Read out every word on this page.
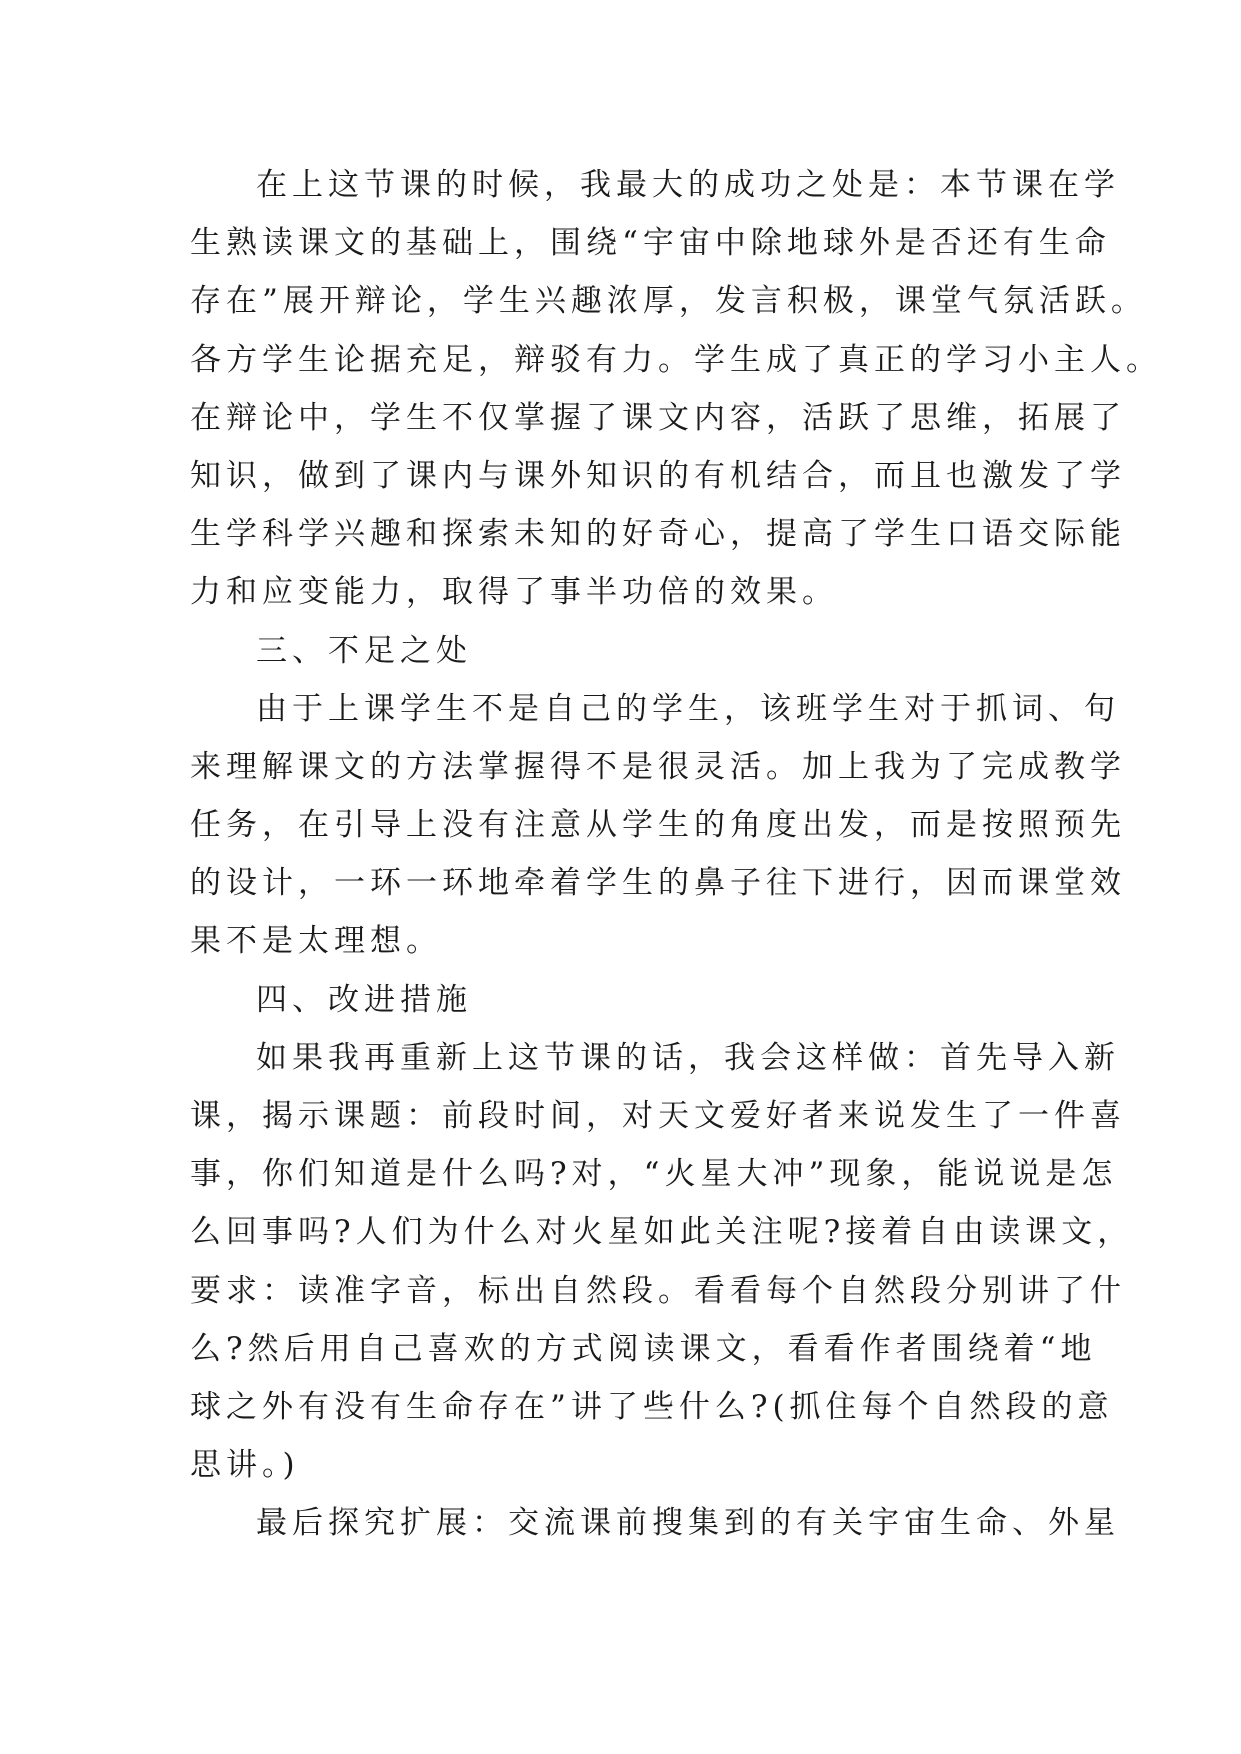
在上这节课的时候，我最大的成功之处是：本节课在学
生熟读课文的基础上，围绕“宇宙中除地球外是否还有生命
存在”展开辩论，学生兴趣浓厚，发言积极，课堂气氛活跃。
各方学生论据充足，辩驳有力。学生成了真正的学习小主人。
在辩论中，学生不仅掌握了课文内容，活跃了思维，拓展了
知识，做到了课内与课外知识的有机结合，而且也激发了学
生学科学兴趣和探索未知的好奇心，提高了学生口语交际能
力和应变能力，取得了事半功倍的效果。
三、不足之处
由于上课学生不是自己的学生，该班学生对于抓词、句
来理解课文的方法掌握得不是很灵活。加上我为了完成教学
任务，在引导上没有注意从学生的角度出发，而是按照预先
的设计，一环一环地牵着学生的鼻子往下进行，因而课堂效
果不是太理想。
四、改进措施
如果我再重新上这节课的话，我会这样做：首先导入新
课，揭示课题：前段时间，对天文爱好者来说发生了一件喜
事，你们知道是什么吗?对，“火星大冲”现象，能说说是怎
么回事吗?人们为什么对火星如此关注呢?接着自由读课文，
要求：读准字音，标出自然段。看看每个自然段分别讲了什
么?然后用自己喜欢的方式阅读课文，看看作者围绕着“地
球之外有没有生命存在”讲了些什么?(抓住每个自然段的意
思讲。)
最后探究扩展：交流课前搜集到的有关宇宙生命、外星
